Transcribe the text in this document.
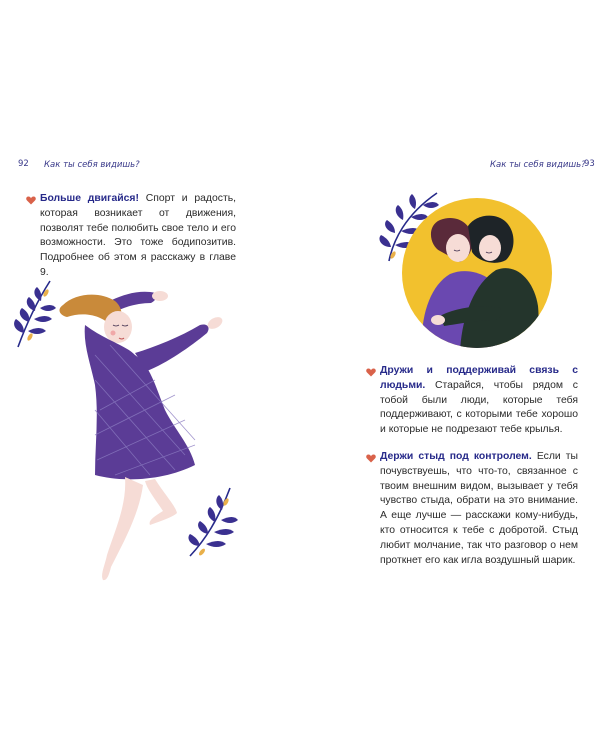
92 Как ты себя видишь?	Как ты себя видишь?
93
Больше двигайся! Спорт и радость, которая возникает от движения, позволят тебе полюбить свое тело и его возможности. Это тоже бодипозитив. Подробнее об этом я расскажу в главе 9.
Дружи и поддерживай связь с людьми. Старайся, чтобы рядом с тобой были люди, которые тебя поддерживают, с которыми тебе хорошо и которые не подрезают тебе крылья.
Держи стыд под контролем. Если ты почувствуешь, что что-то, связанное с твоим внешним видом, вызывает у тебя чувство стыда, обрати на это внимание. А еще лучше — расскажи кому-нибудь, кто относится к тебе с добротой. Стыд любит молчание, так что разговор о нем проткнет его как игла воздушный шарик.
